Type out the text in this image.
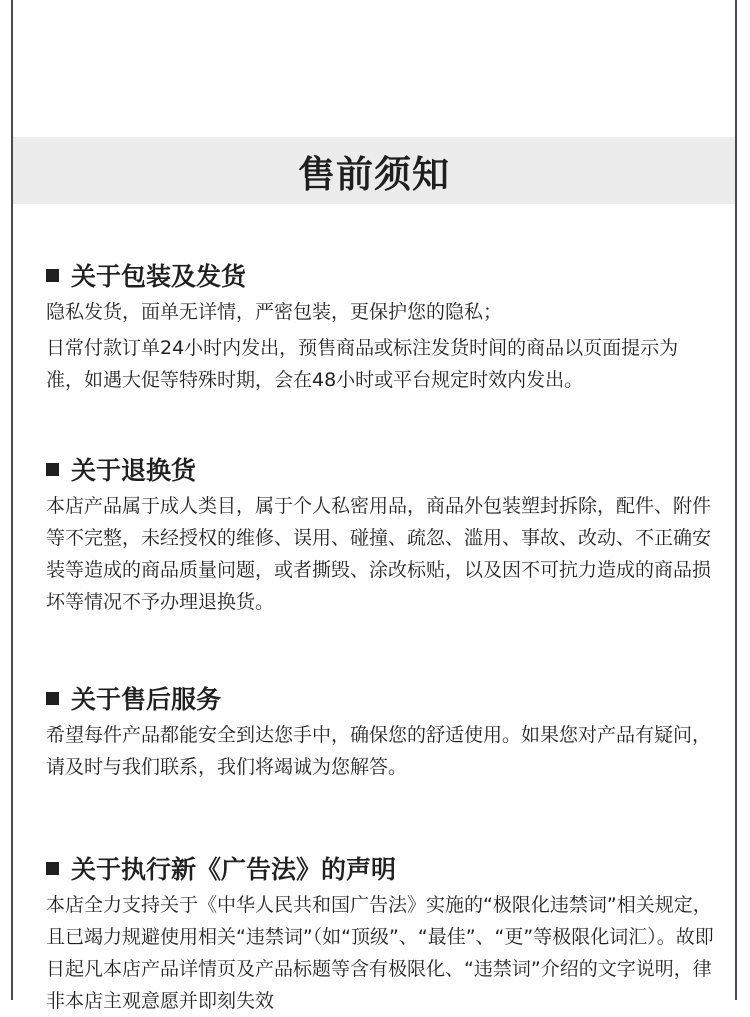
售前须知
关于包装及发货

隐私发货，面单无详情，严密包装，更保护您的隐私；

日常付款订单24小时内发出，预售商品或标注发货时间的商品以页面提示为准，如遇大促等特殊时期，会在48小时或平台规定时效内发出。

关于退换货

本店产品属于成人类目，属于个人私密用品，商品外包装塑封拆除，配件、附件等不完整，未经授权的维修、误用、碰撞、疏忽、滥用、事故、改动、不正确安装等造成的商品质量问题，或者撕毁、涂改标贴，以及因不可抗力造成的商品损坏等情况不予办理退换货。

关于售后服务

希望每件产品都能安全到达您手中，确保您的舒适使用。如果您对产品有疑问，请及时与我们联系，我们将竭诚为您解答。

关于执行新《广告法》的声明

本店全力支持关于《中华人民共和国广告法》实施的“极限化违禁词”相关规定，且已竭力规避使用相关“违禁词”（如“顶级”、“最佳”、“更”等极限化词汇）。故即日起凡本店产品详情页及产品标题等含有极限化、“违禁词”介绍的文字说明，律非本店主观意愿并即刻失效
